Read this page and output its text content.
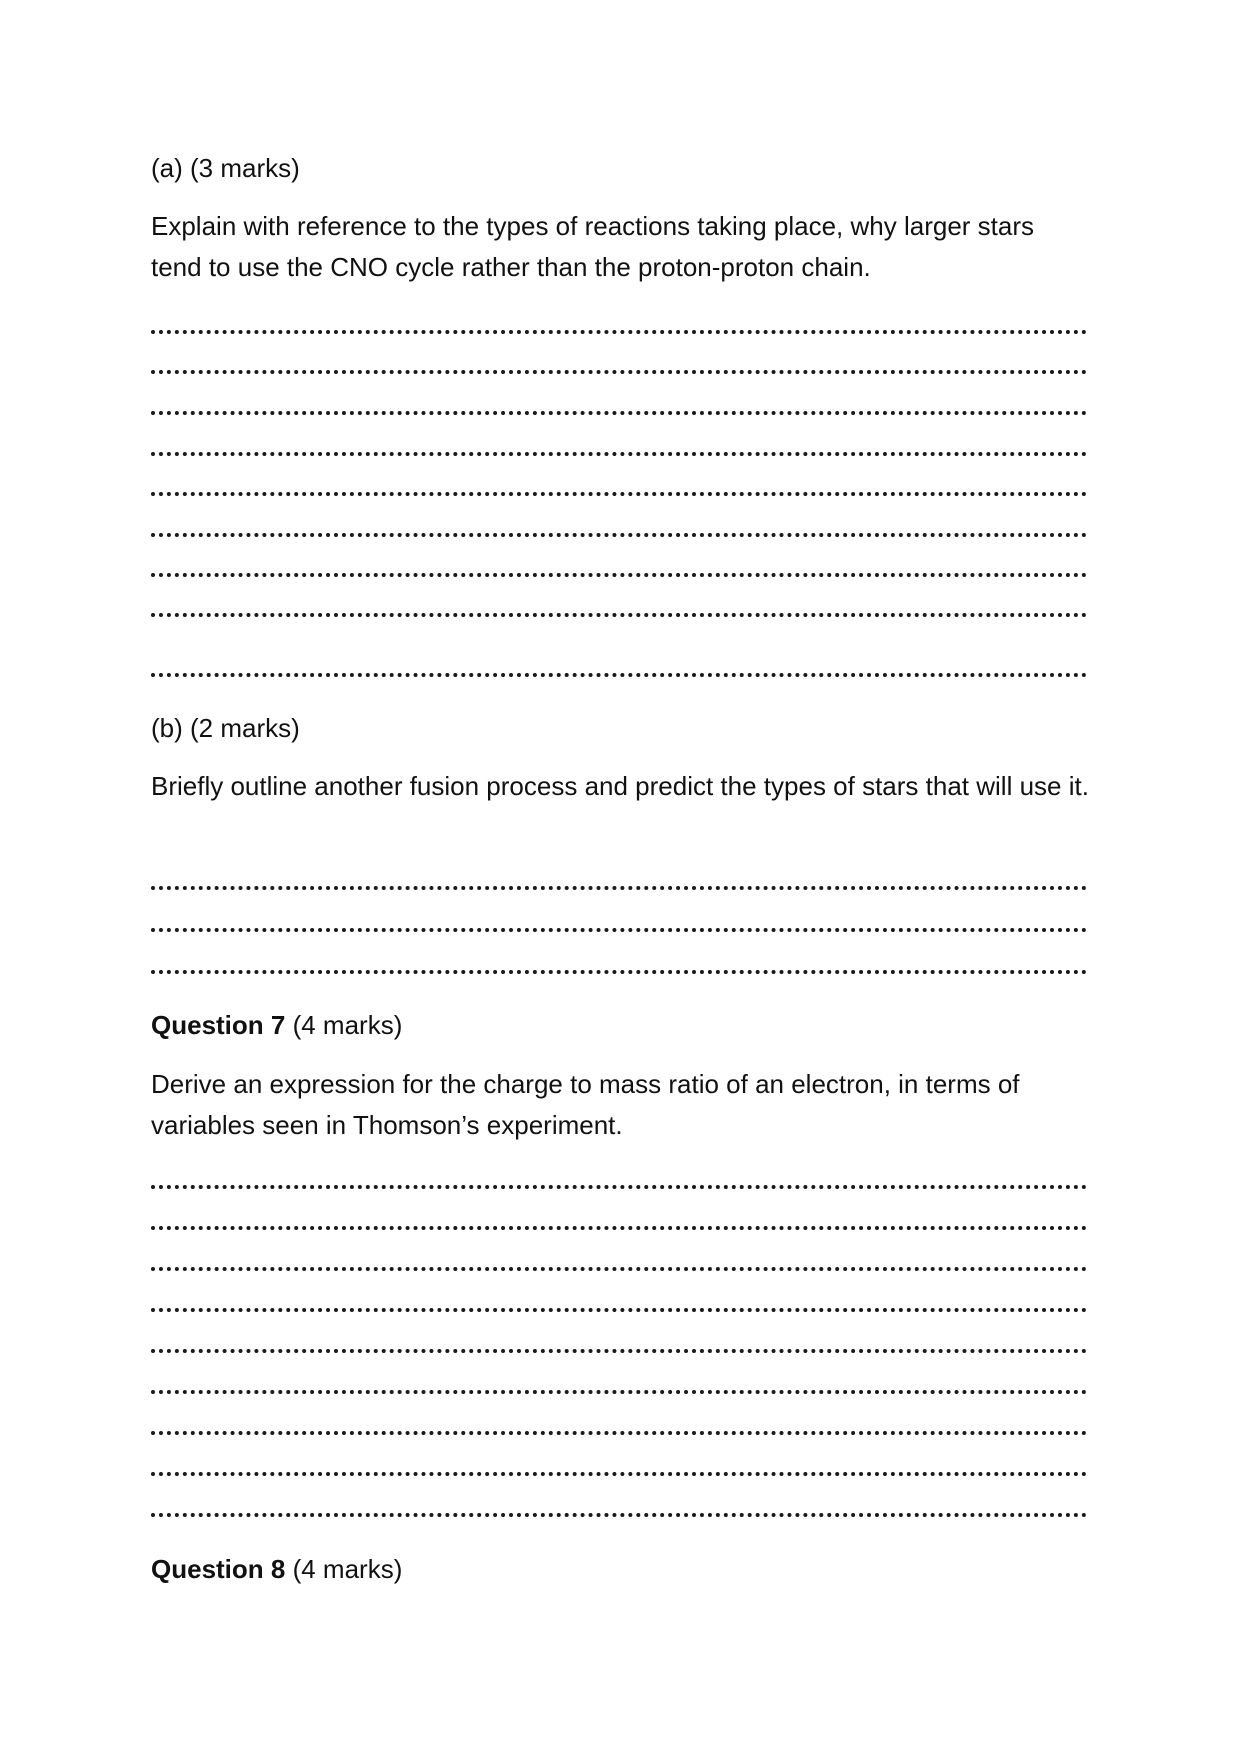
(a) (3 marks)
Explain with reference to the types of reactions taking place, why larger stars tend to use the CNO cycle rather than the proton-proton chain.
(b) (2 marks)
Briefly outline another fusion process and predict the types of stars that will use it.
Question 7 (4 marks)
Derive an expression for the charge to mass ratio of an electron, in terms of variables seen in Thomson’s experiment.
Question 8 (4 marks)
